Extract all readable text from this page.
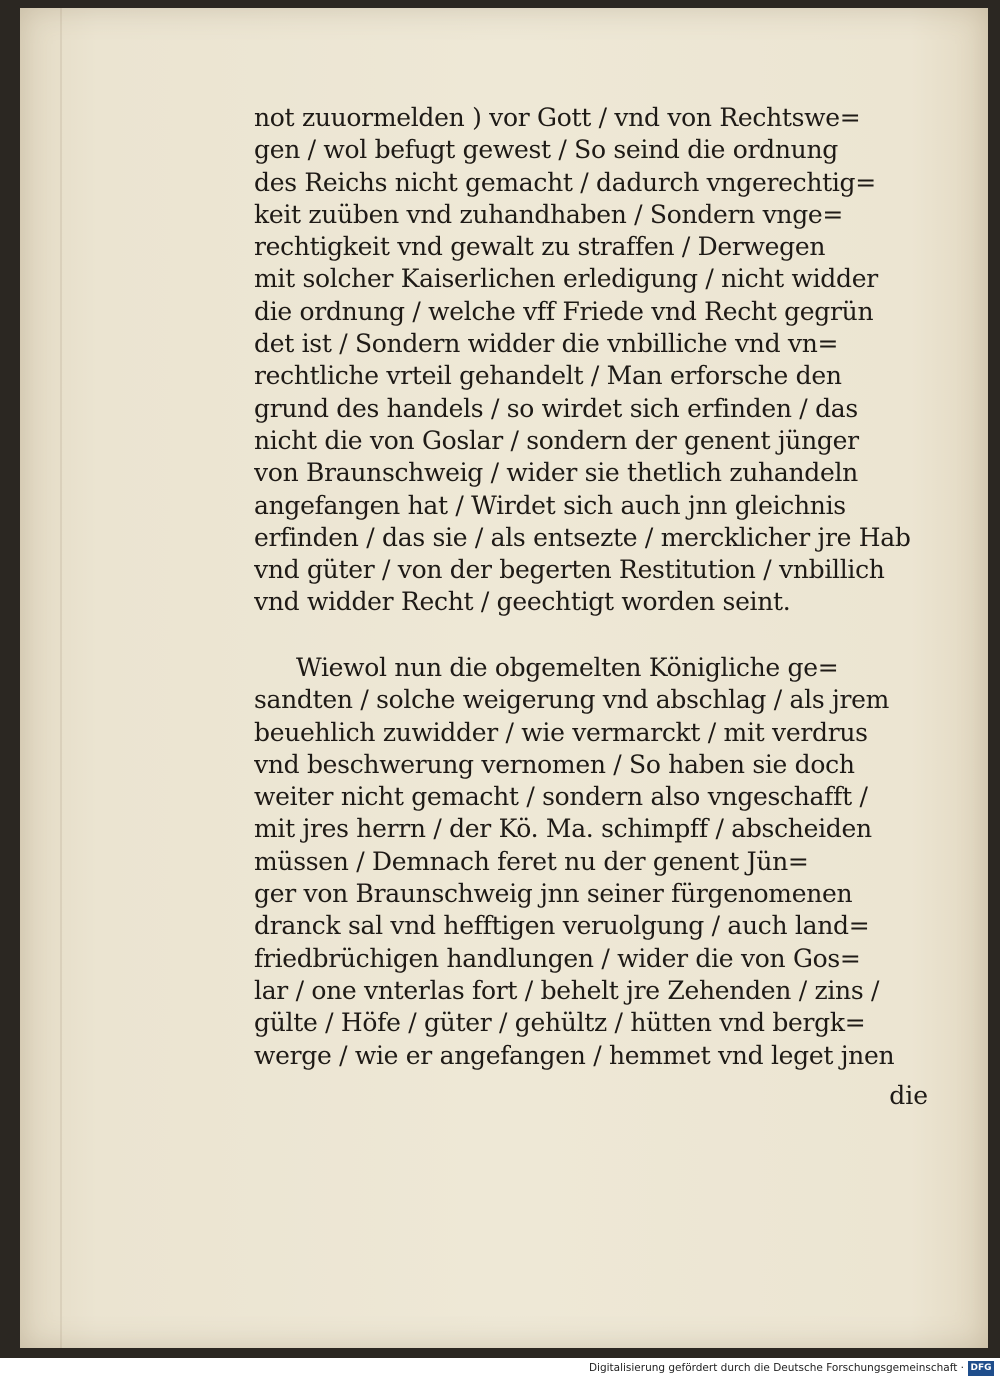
not zuuormelden ) vor Gott / vnd von Rechtswe=
gen / wol befugt gewest / So seind die ordnung
des Reichs nicht gemacht / dadurch vngerechtig=
keit zuüben vnd zuhandhaben / Sondern vnge=
rechtigkeit vnd gewalt zu straffen / Derwegen
mit solcher Kaiserlichen erledigung / nicht widder
die ordnung / welche vff Friede vnd Recht gegrün
det ist / Sondern widder die vnbilliche vnd vn=
rechtliche vrteil gehandelt / Man erforsche den
grund des handels / so wirdet sich erfinden / das
nicht die von Goslar / sondern der genent jünger
von Braunschweig / wider sie thetlich zuhandeln
angefangen hat / Wirdet sich auch jnn gleichnis
erfinden / das sie / als entsezte / mercklicher jre Hab
vnd güter / von der begerten Restitution / vnbillich
vnd widder Recht / geechtigt worden seint.
Wiewol nun die obgemelten Königliche ge=
sandten / solche weigerung vnd abschlag / als jrem
beuehlich zuwidder / wie vermarckt / mit verdrus
vnd beschwerung vernomen / So haben sie doch
weiter nicht gemacht / sondern also vngeschafft /
mit jres herrn / der Kö. Ma. schimpff / abscheiden
müssen / Demnach feret nu der genent Jün=
ger von Braunschweig jnn seiner fürgenomenen
dranck sal vnd hefftigen veruolgung / auch land=
friedbrüchigen handlungen / wider die von Gos=
lar / one vnterlas fort / behelt jre Zehenden / zins /
gülte / Höfe / güter / gehültz / hütten vnd bergk=
werge / wie er angefangen / hemmet vnd leget jnen
die
Digitalisierung gefördert durch die Deutsche Forschungsgemeinschaft · DFG
